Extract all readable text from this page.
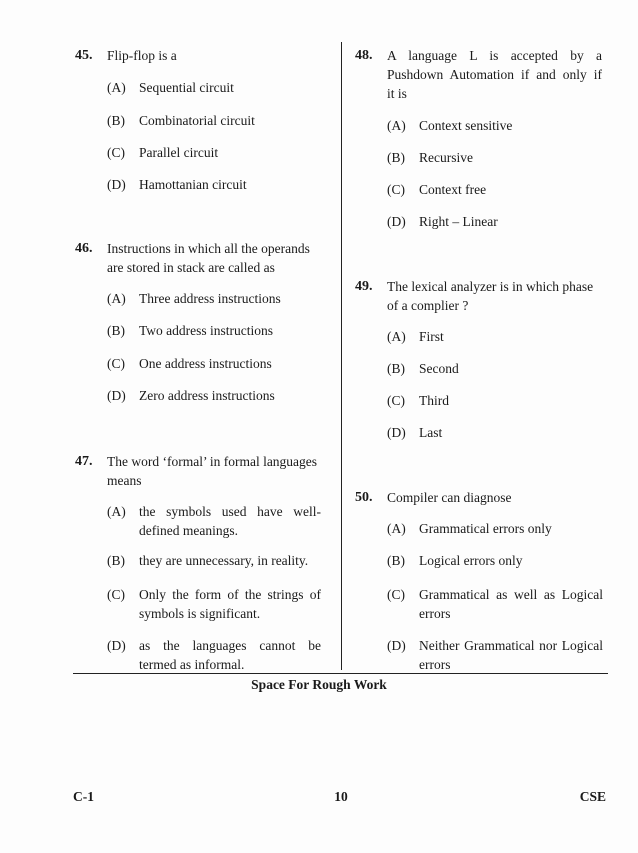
45. Flip-flop is a
(A) Sequential circuit
(B) Combinatorial circuit
(C) Parallel circuit
(D) Hamottanian circuit
46. Instructions in which all the operands
are stored in stack are called as
(A) Three address instructions
(B) Two address instructions
(C) One address instructions
(D) Zero address instructions
47. The word ‘formal’ in formal languages
means
(A) the symbols used have well-
defined meanings.
(B) they are unnecessary, in reality.
(C) Only the form of the strings of
symbols is significant.
(D) as the languages cannot be
termed as informal.
48. A language L is accepted by a
Pushdown Automation if and only if
it is
(A) Context sensitive
(B) Recursive
(C) Context free
(D) Right – Linear
49. The lexical analyzer is in which phase
of a complier ?
(A) First
(B) Second
(C) Third
(D) Last
50. Compiler can diagnose
(A) Grammatical errors only
(B) Logical errors only
(C) Grammatical as well as Logical
errors
(D) Neither Grammatical nor Logical
errors
Space For Rough Work
C-1	10	CSE
